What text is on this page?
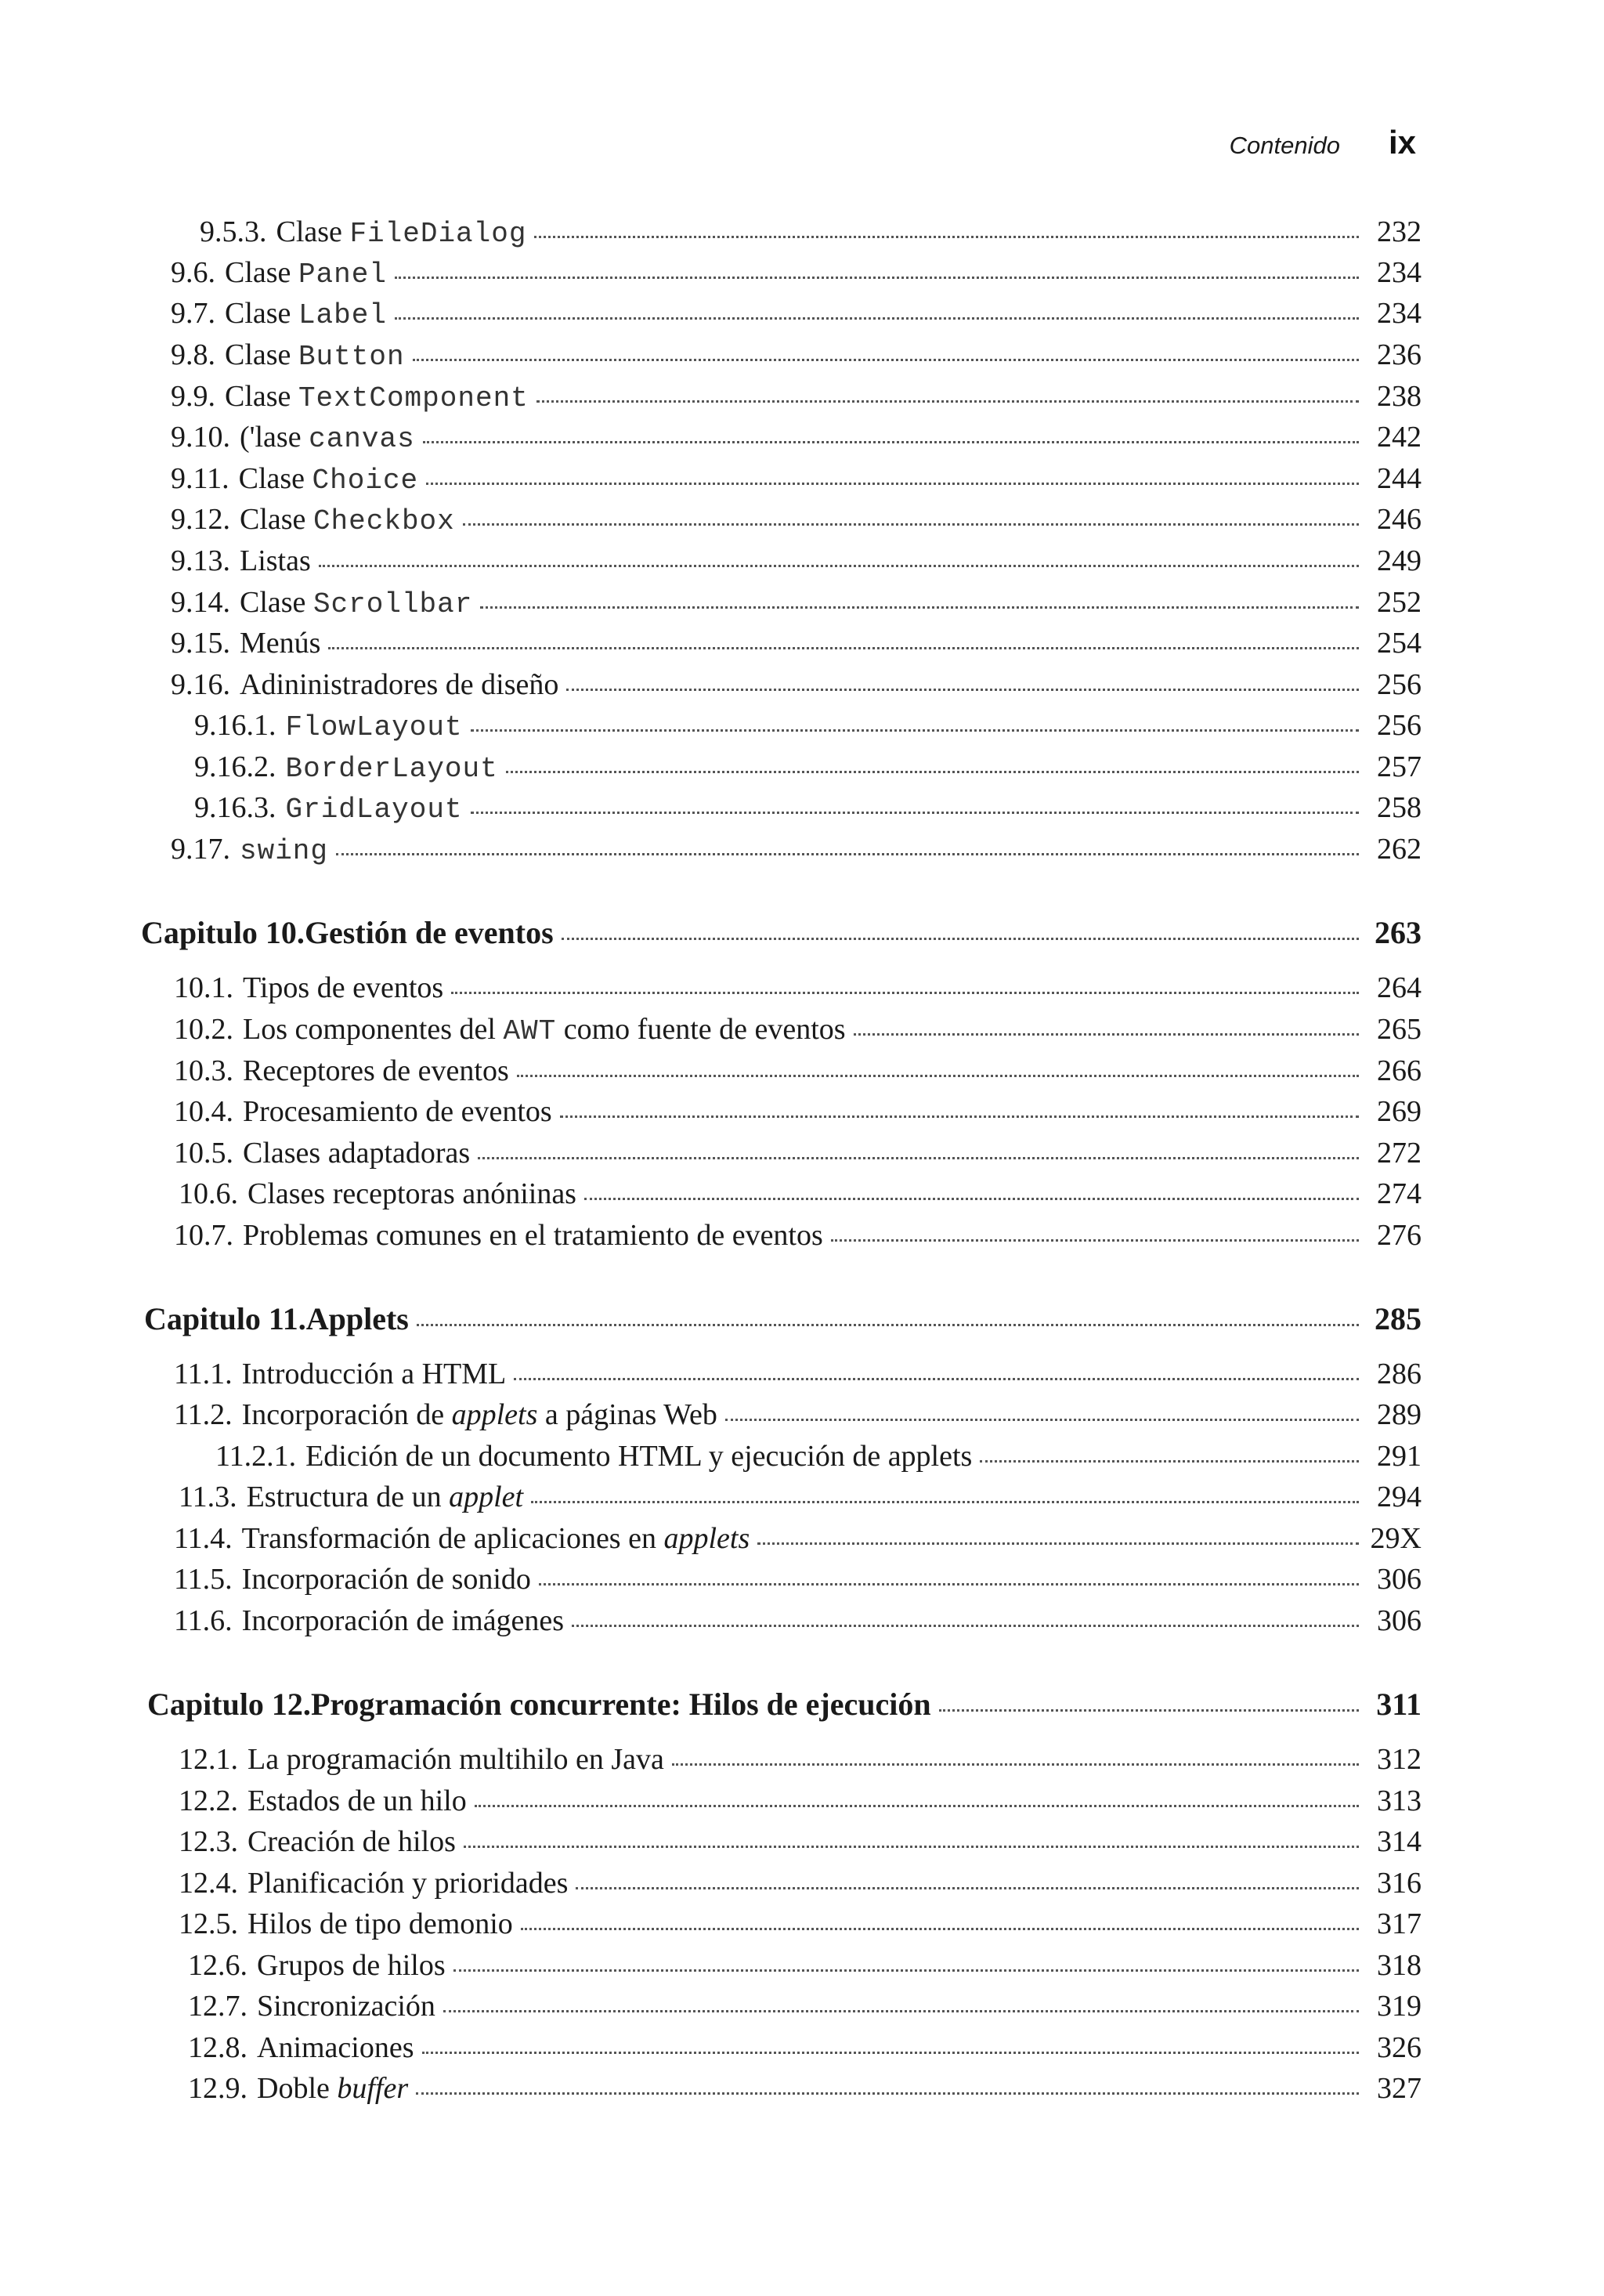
Contenido ix
9.5.3. Clase FileDialog	232
9.6. Clase Panel	234
9.7. Clase Label	234
9.8. Clase Button	236
9.9. Clase TextComponent	238
9.10. ('lase canvas	242
9.11. Clase Choice	244
9.12. Clase Checkbox	246
9.13. Listas	249
9.14. Clase Scrollbar	252
9.15. Menús	254
9.16. Adininistradores de diseño	256
9.16.1. FlowLayout	256
9.16.2. BorderLayout	257
9.16.3. GridLayout	258
9.17. swing	262
Capitulo 10. Gestión de eventos	263
10.1. Tipos de eventos	264
10.2. Los componentes del AWT como fuente de eventos	265
10.3. Receptores de eventos	266
10.4. Procesamiento de eventos	269
10.5. Clases adaptadoras	272
10.6. Clases receptoras anóniinas	274
10.7. Problemas comunes en el tratamiento de eventos	276
Capitulo 11. Applets	285
11.1. Introducción a HTML	286
11.2. Incorporación de applets a páginas Web	289
11.2.1. Edición de un documento HTML y ejecución de applets	291
11.3. Estructura de un applet	294
11.4. Transformación de aplicaciones en applets	29X
11.5. Incorporación de sonido	306
11.6. Incorporación de imágenes	306
Capitulo 12. Programación concurrente: Hilos de ejecución	311
12.1. La programación multihilo en Java	312
12.2. Estados de un hilo	313
12.3. Creación de hilos	314
12.4. Planificación y prioridades	316
12.5. Hilos de tipo demonio	317
12.6. Grupos de hilos	318
12.7. Sincronización	319
12.8. Animaciones	326
12.9. Doble buffer	327
